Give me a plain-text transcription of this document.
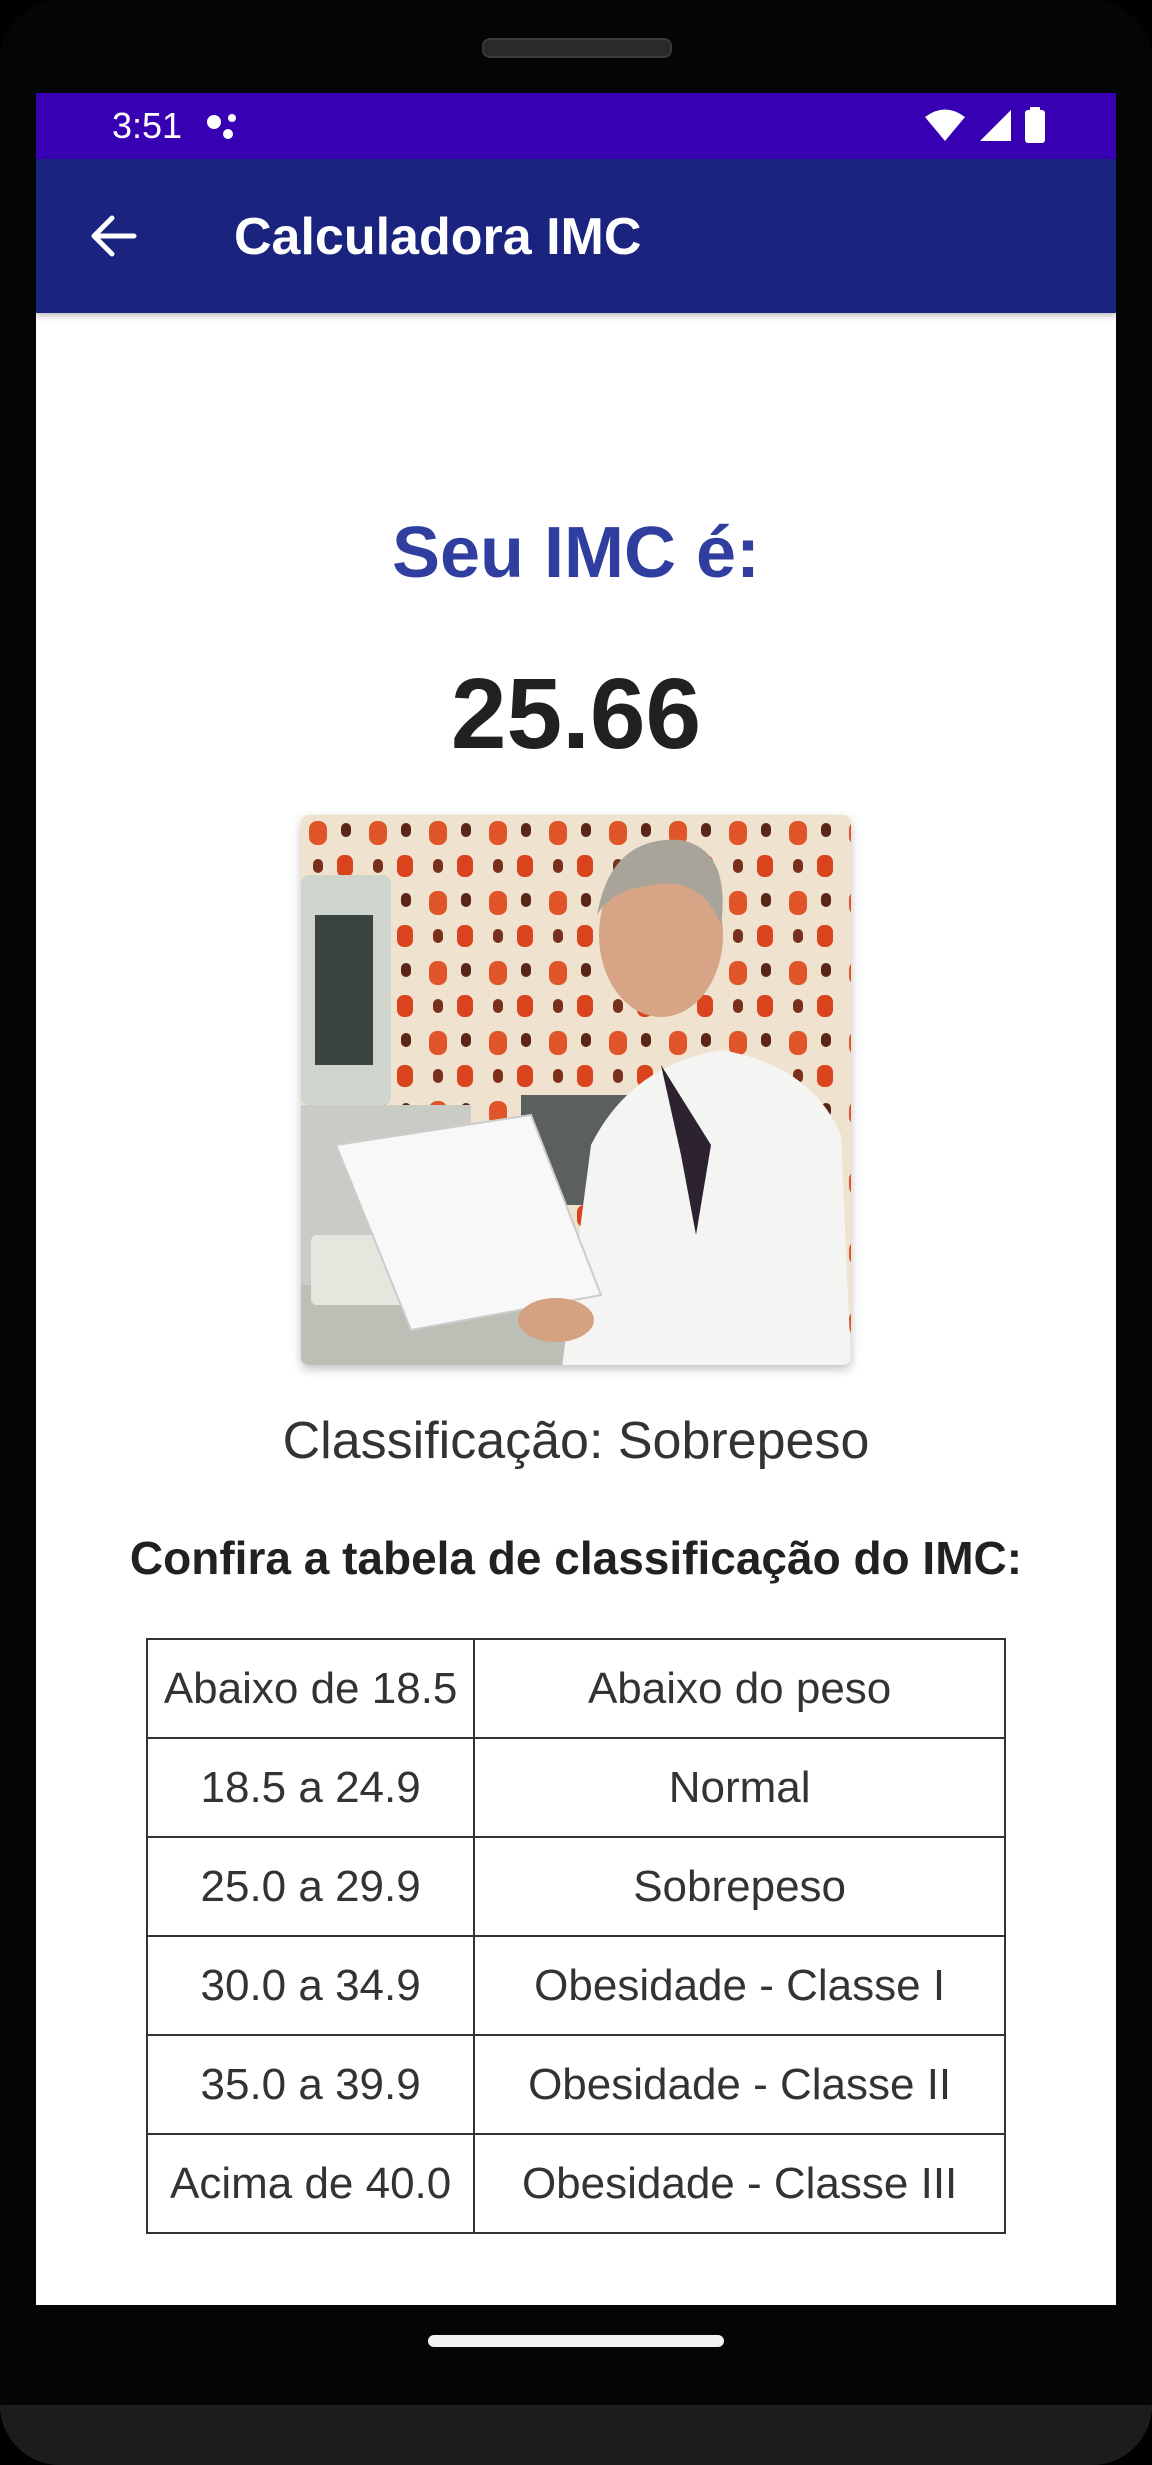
3:51
Calculadora IMC
Seu IMC é:
25.66
Classificação: Sobrepeso
Confira a tabela de classificação do IMC:
Abaixo de 18.5	Abaixo do peso
18.5 a 24.9	Normal
25.0 a 29.9	Sobrepeso
30.0 a 34.9	Obesidade - Classe I
35.0 a 39.9	Obesidade - Classe II
Acima de 40.0	Obesidade - Classe III
